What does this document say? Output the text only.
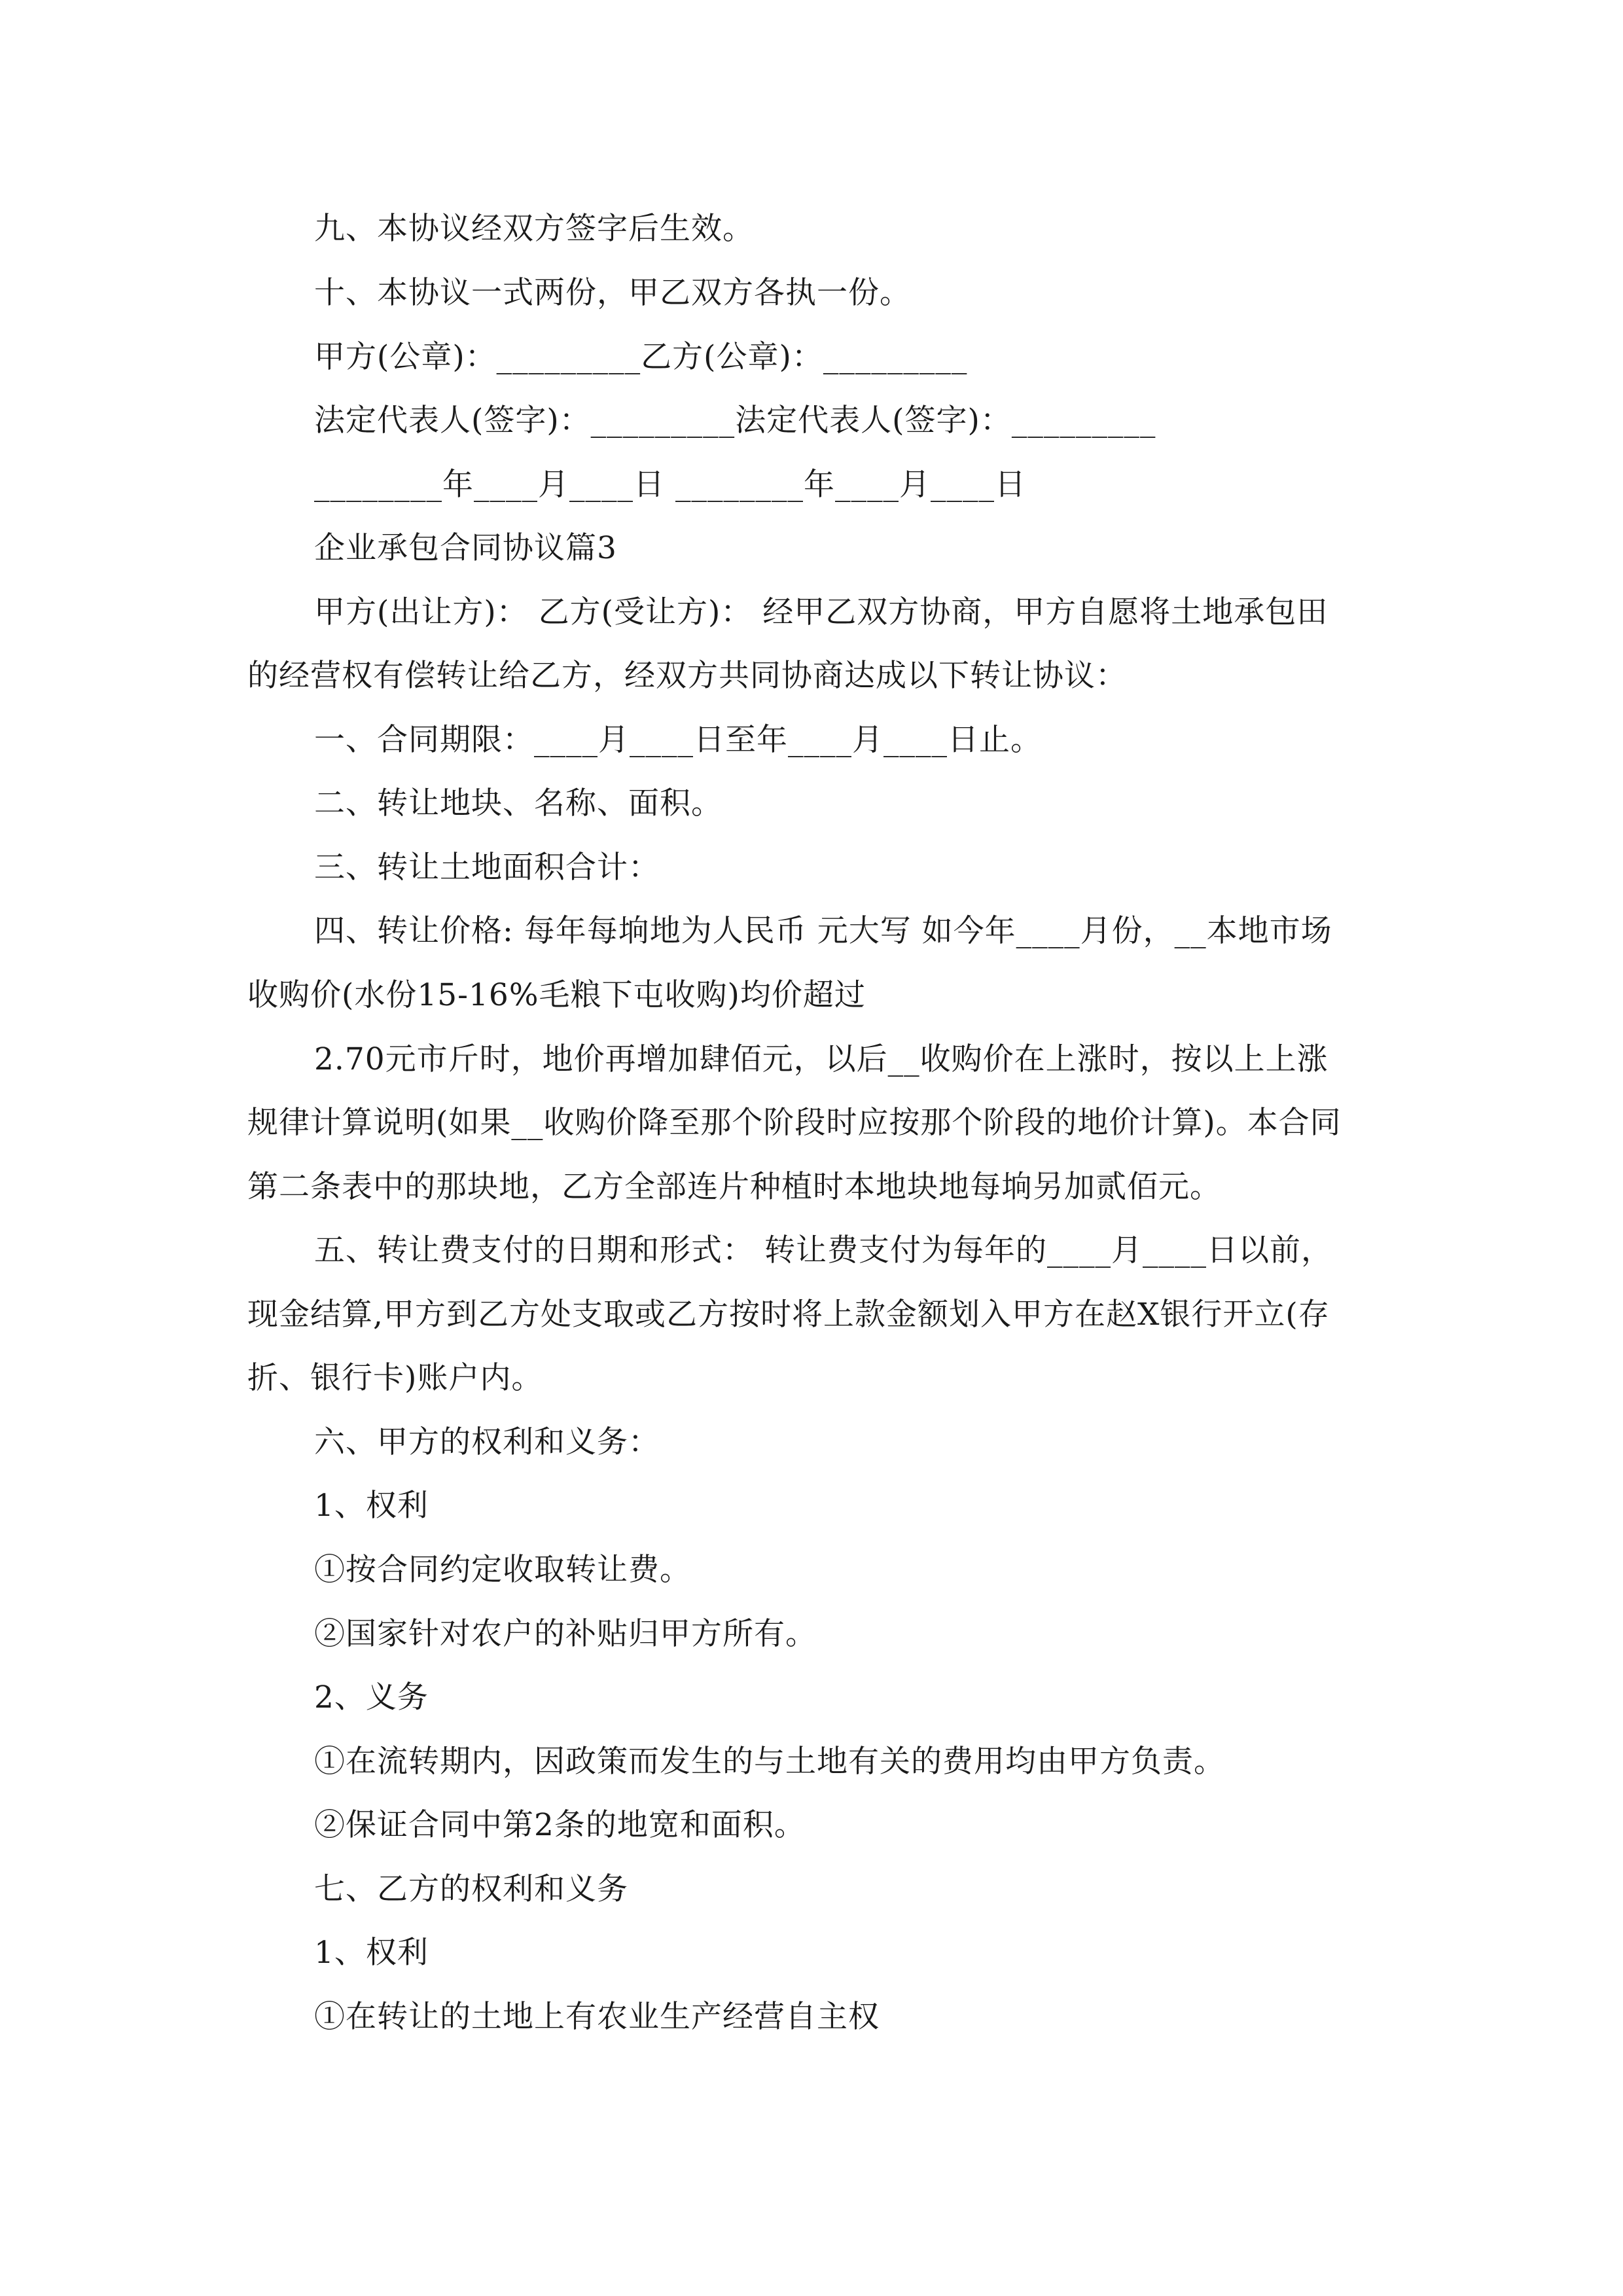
九、本协议经双方签字后生效。
十、本协议一式两份，甲乙双方各执一份。
甲方(公章)：_________乙方(公章)：_________
法定代表人(签字)：_________法定代表人(签字)：_________
________年____月____日 ________年____月____日
企业承包合同协议篇3
甲方(出让方)： 乙方(受让方)： 经甲乙双方协商，甲方自愿将土地承包田
的经营权有偿转让给乙方，经双方共同协商达成以下转让协议：
一、合同期限：____月____日至年____月____日止。
二、转让地块、名称、面积。
三、转让土地面积合计：
四、转让价格: 每年每垧地为人民币 元大写 如今年____月份，__本地市场
收购价(水份15-16%毛粮下屯收购)均价超过
2.70元市斤时，地价再增加肆佰元，以后__收购价在上涨时，按以上上涨
规律计算说明(如果__收购价降至那个阶段时应按那个阶段的地价计算)。本合同
第二条表中的那块地，乙方全部连片种植时本地块地每垧另加贰佰元。
五、转让费支付的日期和形式： 转让费支付为每年的____月____日以前，
现金结算,甲方到乙方处支取或乙方按时将上款金额划入甲方在赵X银行开立(存
折、银行卡)账户内。
六、甲方的权利和义务：
1、权利
①按合同约定收取转让费。
②国家针对农户的补贴归甲方所有。
2、义务
①在流转期内，因政策而发生的与土地有关的费用均由甲方负责。
②保证合同中第2条的地宽和面积。
七、乙方的权利和义务
1、权利
①在转让的土地上有农业生产经营自主权
